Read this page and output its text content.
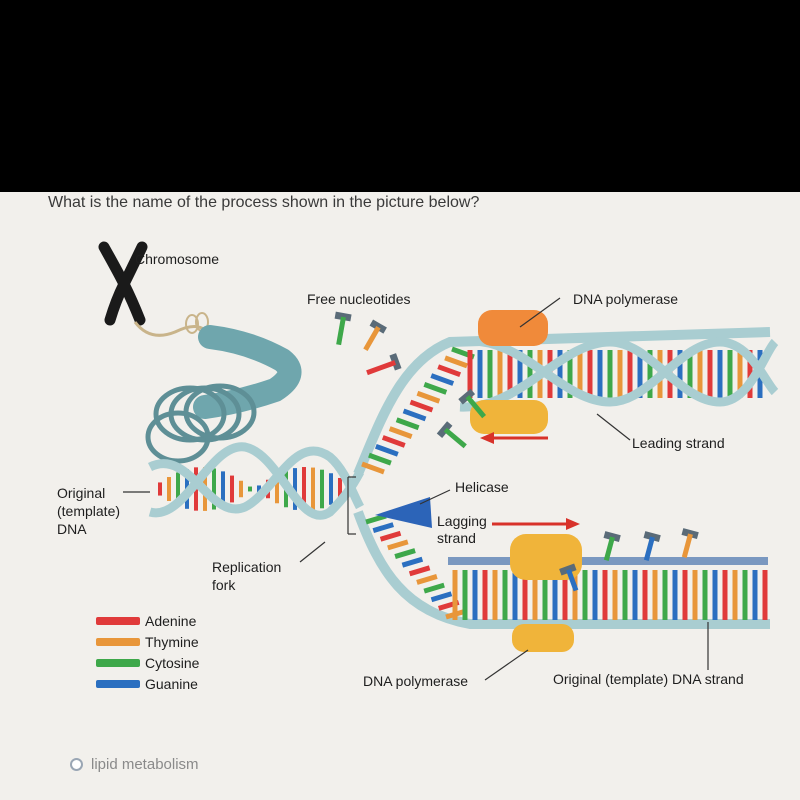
What is the name of the process shown in the picture below?
Chromosome
Free nucleotides	DNA polymerase
Leading strand
Original
(template)
DNA
Helicase
Lagging
strand
Replication
fork
DNA polymerase	Original (template) DNA strand
Adenine
Thymine
Cytosine
Guanine
lipid metabolism
